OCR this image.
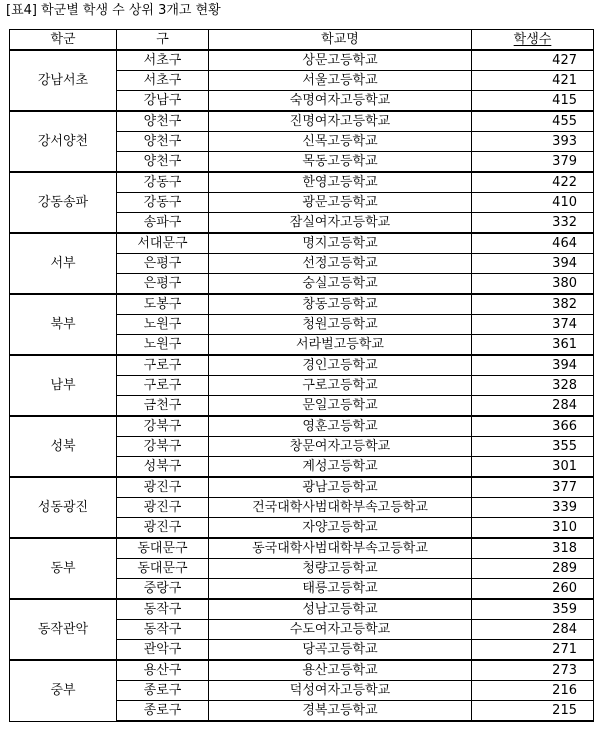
[표4] 학군별 학생 수 상위 3개고 현황
학군	구	학교명	학생수
강남서초	서초구	상문고등학교	427
	서초구	서울고등학교	421
	강남구	숙명여자고등학교	415
강서양천	양천구	진명여자고등학교	455
	양천구	신목고등학교	393
	양천구	목동고등학교	379
강동송파	강동구	한영고등학교	422
	강동구	광문고등학교	410
	송파구	잠실여자고등학교	332
서부	서대문구	명지고등학교	464
	은평구	선정고등학교	394
	은평구	숭실고등학교	380
북부	도봉구	창동고등학교	382
	노원구	청원고등학교	374
	노원구	서라벌고등학교	361
남부	구로구	경인고등학교	394
	구로구	구로고등학교	328
	금천구	문일고등학교	284
성북	강북구	영훈고등학교	366
	강북구	창문여자고등학교	355
	성북구	계성고등학교	301
성동광진	광진구	광남고등학교	377
	광진구	건국대학사범대학부속고등학교	339
	광진구	자양고등학교	310
동부	동대문구	동국대학사범대학부속고등학교	318
	동대문구	청량고등학교	289
	중랑구	태릉고등학교	260
동작관악	동작구	성남고등학교	359
	동작구	수도여자고등학교	284
	관악구	당곡고등학교	271
중부	용산구	용산고등학교	273
	종로구	덕성여자고등학교	216
	종로구	경복고등학교	215
